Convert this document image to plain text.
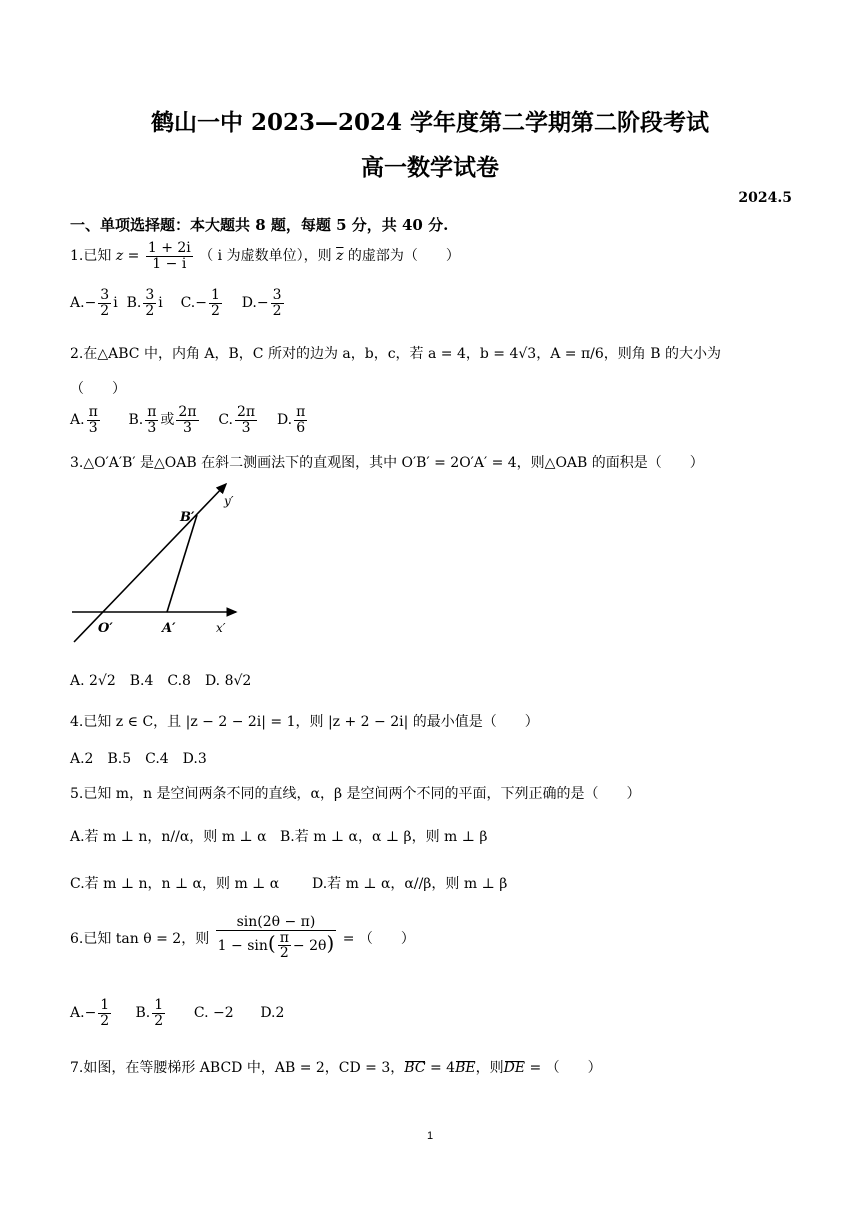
鹤山一中 2023—2024 学年度第二学期第二阶段考试
高一数学试卷
2024.5
一、单项选择题：本大题共 8 题，每题 5 分，共 40 分.
1.已知 $z = \frac{1 + 2i}{1 - i}$ （ i 为虚数单位），则 $\overline{z}$ 的虚部为（　　）
$A.- \frac{3}{2}$ i  B. $\frac{3}{2}$ i    $C.- \frac{1}{2} D.- \frac{3}{2}$
2.在△ABC 中，内角 A，B，C 所对的边为 a，b，c，若 a = 4，b = 4√3，A = π/6，则角 B 的大小为
（　　）
A. $\frac{\pi}{3} B$. $\frac{\pi}{3}$ 或 $\frac{2\pi}{3} C$. $\frac{2\pi}{3} D$. $\frac{\pi}{6}$
3.△O′A′B′ 是△OAB 在斜二测画法下的直观图，其中 O′B′ = 2O′A′ = 4，则△OAB 的面积是（　　）
B′
y′
O′	A′	x′
A. 2√2　B.4　C.8　D. 8√2
4.已知 z ∈ C，且 |z − 2 − 2i| = 1，则 |z + 2 − 2i| 的最小值是（　　）
A.2　B.5　C.4　D.3
5.已知 m，n 是空间两条不同的直线，α，β 是空间两个不同的平面，下列正确的是（　　）
A.若 m ⊥ n，n//α，则 m ⊥ α B.若 m ⊥ α，α ⊥ β，则 m ⊥ β
C.若 m ⊥ n，n ⊥ α，则 m ⊥ α D.若 m ⊥ α，α//β，则 m ⊥ β
6.已知 tan θ = 2，则 $\frac{\sin(2\theta - \pi)}{1 - \sin( \frac{\pi}{2} - 2\theta)}$ = （　　）
$A.- \frac{1}{2} B$. $\frac{1}{2} C$. −2 D.2
7.如图，在等腰梯形 ABCD 中，AB = 2，CD = 3，BC = 4BE，则DE = （　　）
1
